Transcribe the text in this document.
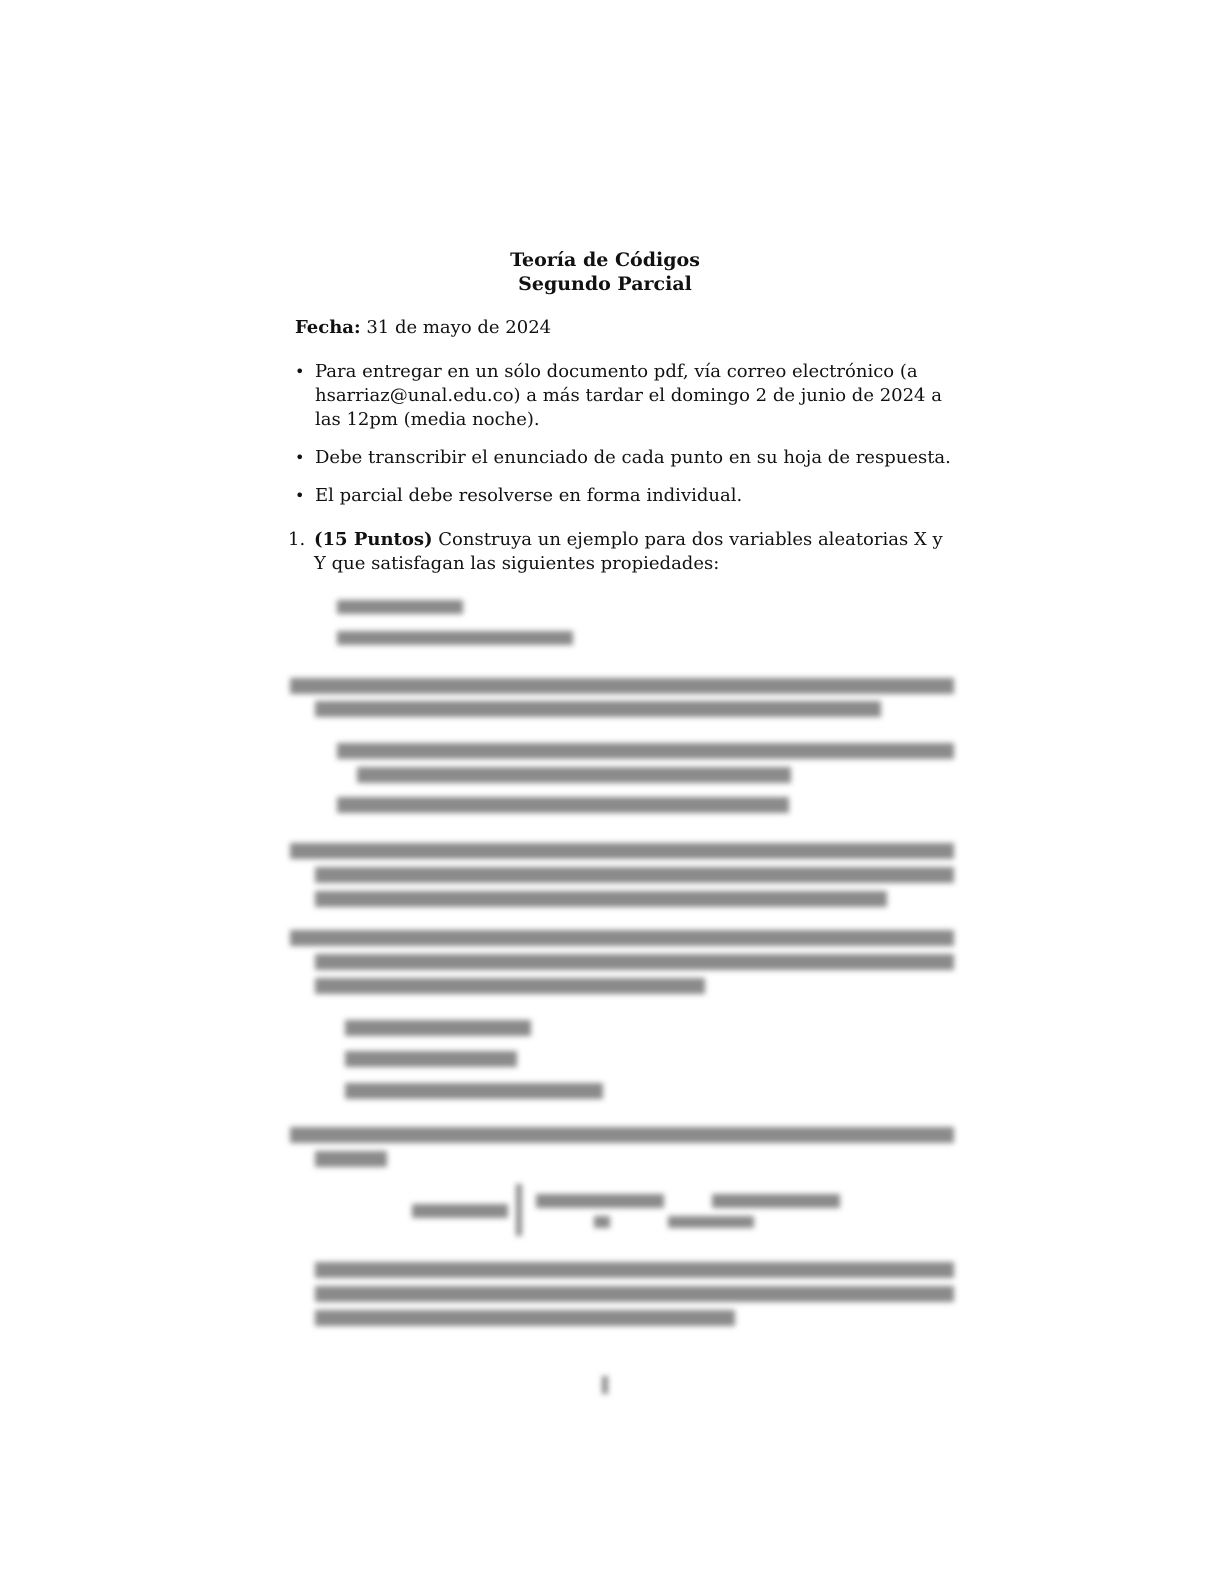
Teoría de Códigos
Segundo Parcial
Fecha: 31 de mayo de 2024
• Para entregar en un sólo documento pdf, vía correo electrónico (a hsarriaz@unal.edu.co) a más tardar el domingo 2 de junio de 2024 a las 12pm (media noche).
• Debe transcribir el enunciado de cada punto en su hoja de respuesta.
• El parcial debe resolverse en forma individual.
1. (15 Puntos) Construya un ejemplo para dos variables aleatorias X y Y que satisfagan las siguientes propiedades:
